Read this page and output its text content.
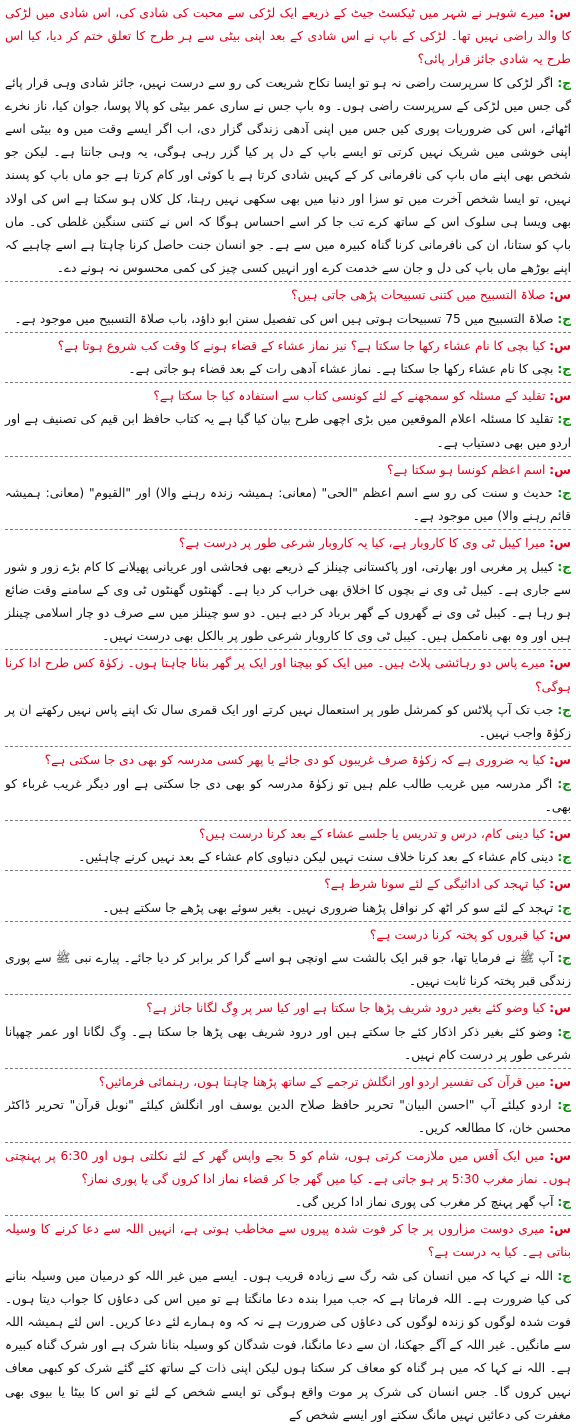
س: میرے شوہر نے شہر میں ٹیکسٹ جیٹ کے ذریعے ایک لڑکی سے محبت کی شادی کی، اس شادی میں لڑکی کا والد راضی نہیں تھا۔ لڑکی کے باپ نے اس شادی کے بعد اپنی بیٹی سے ہر طرح کا تعلق ختم کر دیا، کیا اس طرح یہ شادی جائز قرار پائی؟

ج: اگر لڑکی کا سرپرست راضی نہ ہو تو ایسا نکاح شریعت کی رو سے درست نہیں، جائز شادی وہی قرار پائے گی جس میں لڑکی کے سرپرست راضی ہوں۔ وہ باپ جس نے ساری عمر بیٹی کو پالا پوسا، جوان کیا، ناز نخرے اٹھائے، اس کی ضروریات پوری کیں جس میں اپنی آدھی زندگی گزار دی، اب اگر ایسے وقت میں وہ بیٹی اسے اپنی خوشی میں شریک نہیں کرتی تو ایسے باپ کے دل پر کیا گزر رہی ہوگی، یہ وہی جانتا ہے۔ لیکن جو شخص بھی اپنے ماں باپ کی نافرمانی کر کے کہیں شادی کرتا ہے یا کوئی اور کام کرتا ہے جو ماں باپ کو پسند نہیں، تو ایسا شخص آخرت میں تو سزا اور دنیا میں بھی سکھی نہیں رہتا، کل کلاں ہو سکتا ہے اس کی اولاد بھی ویسا ہی سلوک اس کے ساتھ کرے تب جا کر اسے احساس ہوگا کہ اس نے کتنی سنگین غلطی کی۔ ماں باپ کو ستانا، ان کی نافرمانی کرنا گناہ کبیرہ میں سے ہے۔ جو انسان جنت حاصل کرنا چاہتا ہے اسے چاہیے کہ اپنے بوڑھے ماں باپ کی دل و جان سے خدمت کرے اور انہیں کسی چیز کی کمی محسوس نہ ہونے دے۔

س: صلاۃ التسبیح میں کتنی تسبیحات پڑھی جاتی ہیں؟

ج: صلاۃ التسبیح میں 75 تسبیحات ہوتی ہیں اس کی تفصیل سنن ابو داؤد، باب صلاۃ التسبیح میں موجود ہے۔

س: کیا بچی کا نام عشاء رکھا جا سکتا ہے؟ نیز نماز عشاء کے قضاء ہونے کا وقت کب شروع ہوتا ہے؟

ج: بچی کا نام عشاء رکھا جا سکتا ہے۔ نماز عشاء آدھی رات کے بعد قضاء ہو جاتی ہے۔

س: تقلید کے مسئلہ کو سمجھنے کے لئے کونسی کتاب سے استفادہ کیا جا سکتا ہے؟

ج: تقلید کا مسئلہ اعلام الموقعین میں بڑی اچھی طرح بیان کیا گیا ہے یہ کتاب حافظ ابن قیم کی تصنیف ہے اور اردو میں بھی دستیاب ہے۔

س: اسم اعظم کونسا ہو سکتا ہے؟

ج: حدیث و سنت کی رو سے اسم اعظم "الحی" (معانی: ہمیشہ زندہ رہنے والا) اور "القیوم" (معانی: ہمیشہ قائم رہنے والا) میں موجود ہے۔

س: میرا کیبل ٹی وی کا کاروبار ہے، کیا یہ کاروبار شرعی طور پر درست ہے؟

ج: کیبل پر مغربی اور بھارتی، اور پاکستانی چینلز کے ذریعے بھی فحاشی اور عریانی پھیلانے کا کام بڑے زور و شور سے جاری ہے۔ کیبل ٹی وی نے بچوں کا اخلاق بھی خراب کر دیا ہے۔ گھنٹوں گھنٹوں ٹی وی کے سامنے وقت ضائع ہو رہا ہے۔ کیبل ٹی وی نے گھروں کے گھر برباد کر دیے ہیں۔ دو سو چینلز میں سے صرف دو چار اسلامی چینلز ہیں اور وہ بھی نامکمل ہیں۔ کیبل ٹی وی کا کاروبار شرعی طور پر بالکل بھی درست نہیں۔

س: میرے پاس دو رہائشی پلاٹ ہیں۔ میں ایک کو بیچنا اور ایک پر گھر بنانا چاہتا ہوں۔ زکوٰۃ کس طرح ادا کرنا ہوگی؟

ج: جب تک آپ پلاٹس کو کمرشل طور پر استعمال نہیں کرتے اور ایک قمری سال تک اپنے پاس نہیں رکھتے ان پر زکوٰۃ واجب نہیں۔

س: کیا یہ ضروری ہے کہ زکوٰۃ صرف غریبوں کو دی جائے یا پھر کسی مدرسہ کو بھی دی جا سکتی ہے؟

ج: اگر مدرسہ میں غریب طالب علم ہیں تو زکوٰۃ مدرسہ کو بھی دی جا سکتی ہے اور دیگر غریب غرباء کو بھی۔

س: کیا دینی کام، درس و تدریس یا جلسے عشاء کے بعد کرنا درست ہیں؟

ج: دینی کام عشاء کے بعد کرنا خلاف سنت نہیں لیکن دنیاوی کام عشاء کے بعد نہیں کرنے چاہئیں۔

س: کیا تہجد کی ادائیگی کے لئے سونا شرط ہے؟

ج: تہجد کے لئے سو کر اٹھ کر نوافل پڑھنا ضروری نہیں۔ بغیر سوئے بھی پڑھے جا سکتے ہیں۔

س: کیا قبروں کو پختہ کرنا درست ہے؟

ج: آپ ﷺ نے فرمایا تھا، جو قبر ایک بالشت سے اونچی ہو اسے گرا کر برابر کر دیا جائے۔ پیارے نبی ﷺ سے پوری زندگی قبر پختہ کرنا ثابت نہیں۔

س: کیا وضو کئے بغیر درود شریف پڑھا جا سکتا ہے اور کیا سر پر وِگ لگانا جائز ہے؟

ج: وضو کئے بغیر ذکر اذکار کئے جا سکتے ہیں اور درود شریف بھی پڑھا جا سکتا ہے۔ وِگ لگانا اور عمر چھپانا شرعی طور پر درست کام نہیں۔

س: میں قرآن کی تفسیر اردو اور انگلش ترجمے کے ساتھ پڑھنا چاہتا ہوں، رہنمائی فرمائیں؟

ج: اردو کیلئے آپ "احسن البیان" تحریر حافظ صلاح الدین یوسف اور انگلش کیلئے "نوبل قرآن" تحریر ڈاکٹر محسن خان، کا مطالعہ کریں۔

س: میں ایک آفس میں ملازمت کرتی ہوں، شام کو 5 بجے واپس گھر کے لئے نکلتی ہوں اور 6:30 پر پہنچتی ہوں۔ نماز مغرب 5:30 پر ہو جاتی ہے۔ کیا میں گھر جا کر قضاء نماز ادا کروں گی یا پوری نماز؟

ج: آپ گھر پہنچ کر مغرب کی پوری نماز ادا کریں گی۔

س: میری دوست مزاروں پر جا کر فوت شدہ پیروں سے مخاطب ہوتی ہے، انہیں اللہ سے دعا کرنے کا وسیلہ بناتی ہے۔ کیا یہ درست ہے؟

ج: اللہ نے کہا کہ میں انسان کی شہ رگ سے زیادہ قریب ہوں۔ ایسے میں غیر اللہ کو درمیان میں وسیلہ بنانے کی کیا ضرورت ہے۔ اللہ فرماتا ہے کہ جب میرا بندہ دعا مانگتا ہے تو میں اس کی دعاؤں کا جواب دیتا ہوں۔ فوت شدہ لوگوں کو زندہ لوگوں کی دعاؤں کی ضرورت ہے نہ کہ وہ ہمارے لئے دعا کریں۔ اس لئے ہمیشہ اللہ سے مانگیں۔ غیر اللہ کے آگے جھکنا، ان سے دعا مانگنا، فوت شدگان کو وسیلہ بنانا شرک ہے اور شرک گناہ کبیرہ ہے۔ اللہ نے کہا کہ میں ہر گناہ کو معاف کر سکتا ہوں لیکن اپنی ذات کے ساتھ کئے گئے شرک کو کبھی معاف نہیں کروں گا۔ جس انسان کی شرک پر موت واقع ہوگی تو ایسے شخص کے لئے تو اس کا بیٹا یا بیوی بھی مغفرت کی دعائیں نہیں مانگ سکتے اور ایسے شخص کے
